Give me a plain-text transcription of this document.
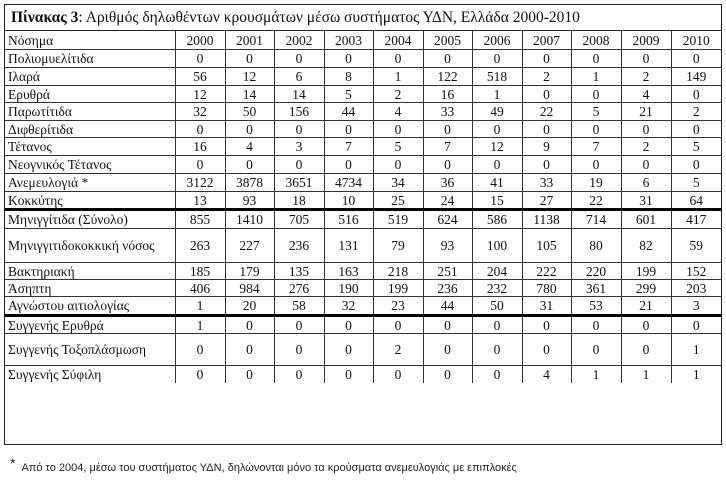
Πίνακας 3: Αριθμός δηλωθέντων κρουσμάτων μέσω συστήματος ΥΔΝ, Ελλάδα 2000-2010
Νόσημα	2000	2001	2002	2003	2004	2005	2006	2007	2008	2009	2010
Πολιομυελίτιδα	0	0	0	0	0	0	0	0	0	0	0
Ιλαρά	56	12	6	8	1	122	518	2	1	2	149
Ερυθρά	12	14	14	5	2	16	1	0	0	4	0
Παρωτίτιδα	32	50	156	44	4	33	49	22	5	21	2
Διφθερίτιδα	0	0	0	0	0	0	0	0	0	0	0
Τέτανος	16	4	3	7	5	7	12	9	7	2	5
Νεογνικός Τέτανος	0	0	0	0	0	0	0	0	0	0	0
Ανεμευλογιά *	3122	3878	3651	4734	34	36	41	33	19	6	5
Κοκκύτης	13	93	18	10	25	24	15	27	22	31	64
Μηνιγγίτιδα (Σύνολο)	855	1410	705	516	519	624	586	1138	714	601	417
Μηνιγγιτιδοκοκκική νόσος	263	227	236	131	79	93	100	105	80	82	59
Βακτηριακή	185	179	135	163	218	251	204	222	220	199	152
Άσηπτη	406	984	276	190	199	236	232	780	361	299	203
Αγνώστου αιτιολογίας	1	20	58	32	23	44	50	31	53	21	3
Συγγενής Ερυθρά	1	0	0	0	0	0	0	0	0	0	0
Συγγενής Τοξοπλάσμωση	0	0	0	0	2	0	0	0	0	0	1
Συγγενής Σύφιλη	0	0	0	0	0	0	0	4	1	1	1
* Από το 2004, μέσω του συστήματος ΥΔΝ, δηλώνονται μόνο τα κρούσματα ανεμευλογιάς με επιπλοκές
